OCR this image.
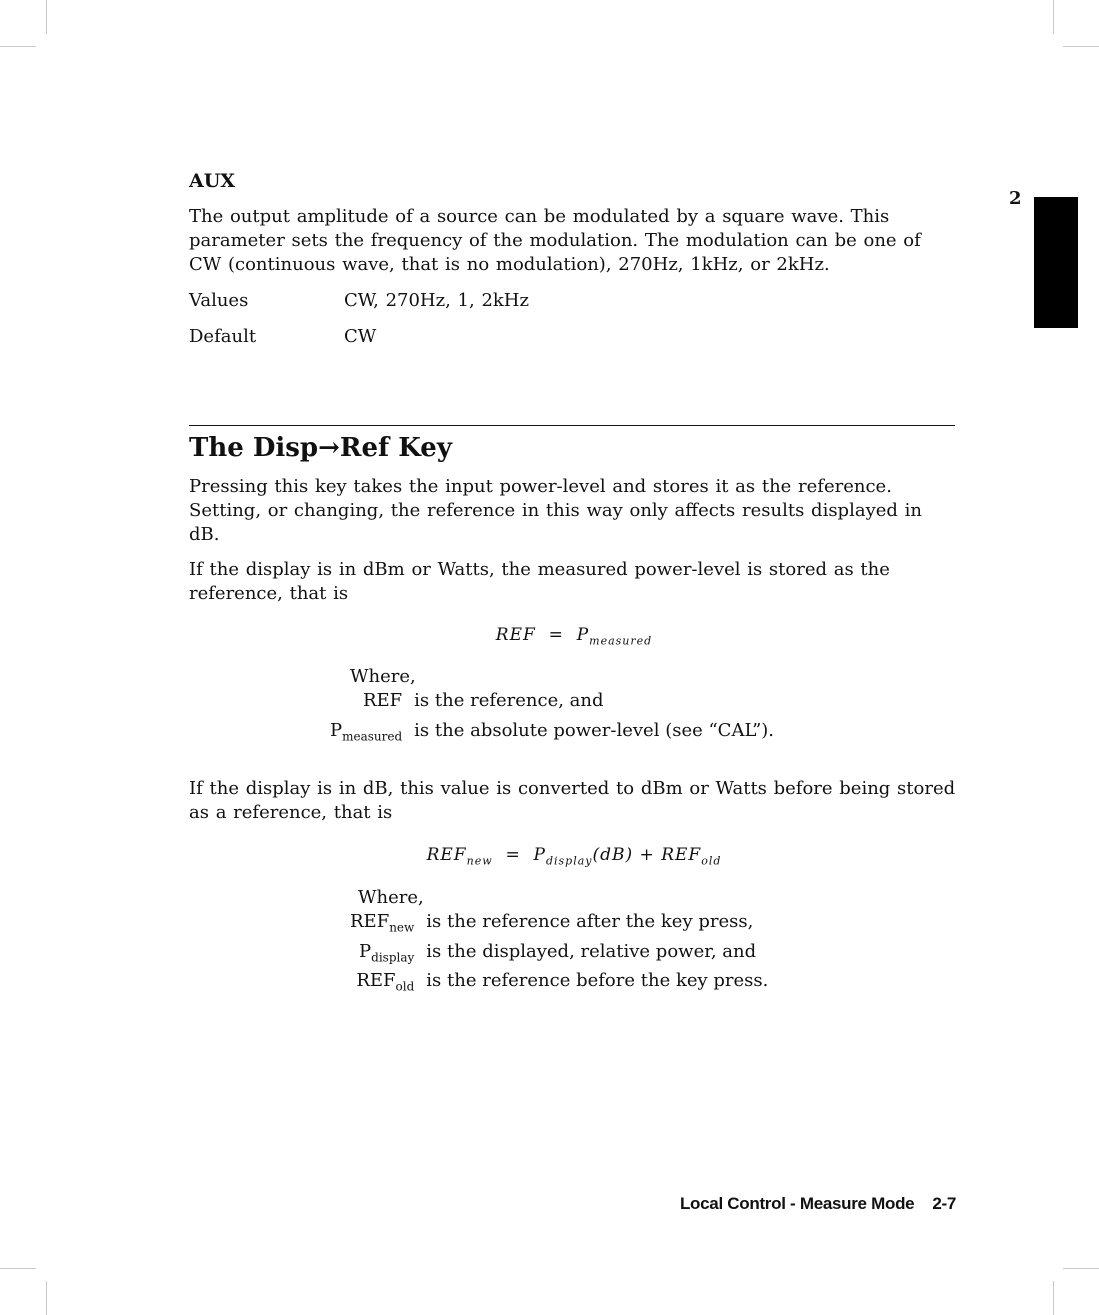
2
AUX

The output amplitude of a source can be modulated by a square wave. This parameter sets the frequency of the modulation. The modulation can be one of CW (continuous wave, that is no modulation), 270Hz, 1kHz, or 2kHz.

Values	CW, 270Hz, 1, 2kHz
Default	CW
The Disp→Ref Key

Pressing this key takes the input power-level and stores it as the reference. Setting, or changing, the reference in this way only affects results displayed in dB.

If the display is in dBm or Watts, the measured power-level is stored as the reference, that is

REF = $P_{measured}$
Where,
REF	is the reference, and
$P_{measured}$	is the absolute power-level (see “CAL”).

If the display is in dB, this value is converted to dBm or Watts before being stored as a reference, that is

$REF_{new} = P_{display}(dB) + REF_{old}$
Where,
$REF_{new}$	is the reference after the key press,
$P_{display}$	is the displayed, relative power, and
$REF_{old}$	is the reference before the key press.
Local Control - Measure Mode 2-7
